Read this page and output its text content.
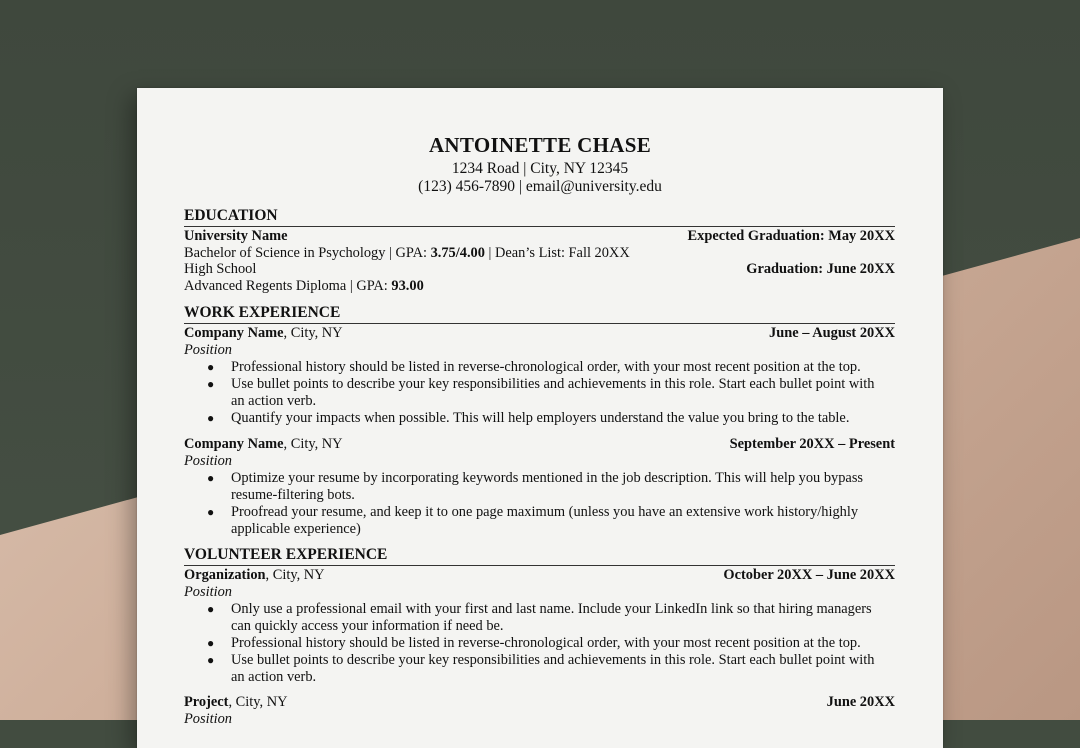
ANTOINETTE CHASE
1234 Road | City, NY 12345
(123) 456-7890 | email@university.edu
EDUCATION
University Name	Expected Graduation: May 20XX
Bachelor of Science in Psychology | GPA: 3.75/4.00 | Dean’s List: Fall 20XX
High School	Graduation: June 20XX
Advanced Regents Diploma | GPA: 93.00
WORK EXPERIENCE
Company Name, City, NY	June – August 20XX
Position
● Professional history should be listed in reverse-chronological order, with your most recent position at the top.
● Use bullet points to describe your key responsibilities and achievements in this role. Start each bullet point with
an action verb.
● Quantify your impacts when possible. This will help employers understand the value you bring to the table.
Company Name, City, NY	September 20XX – Present
Position
● Optimize your resume by incorporating keywords mentioned in the job description. This will help you bypass
resume-filtering bots.
● Proofread your resume, and keep it to one page maximum (unless you have an extensive work history/highly
applicable experience)
VOLUNTEER EXPERIENCE
Organization, City, NY	October 20XX – June 20XX
Position
● Only use a professional email with your first and last name. Include your LinkedIn link so that hiring managers
can quickly access your information if need be.
● Professional history should be listed in reverse-chronological order, with your most recent position at the top.
● Use bullet points to describe your key responsibilities and achievements in this role. Start each bullet point with
an action verb.
Project, City, NY	June 20XX
Position
